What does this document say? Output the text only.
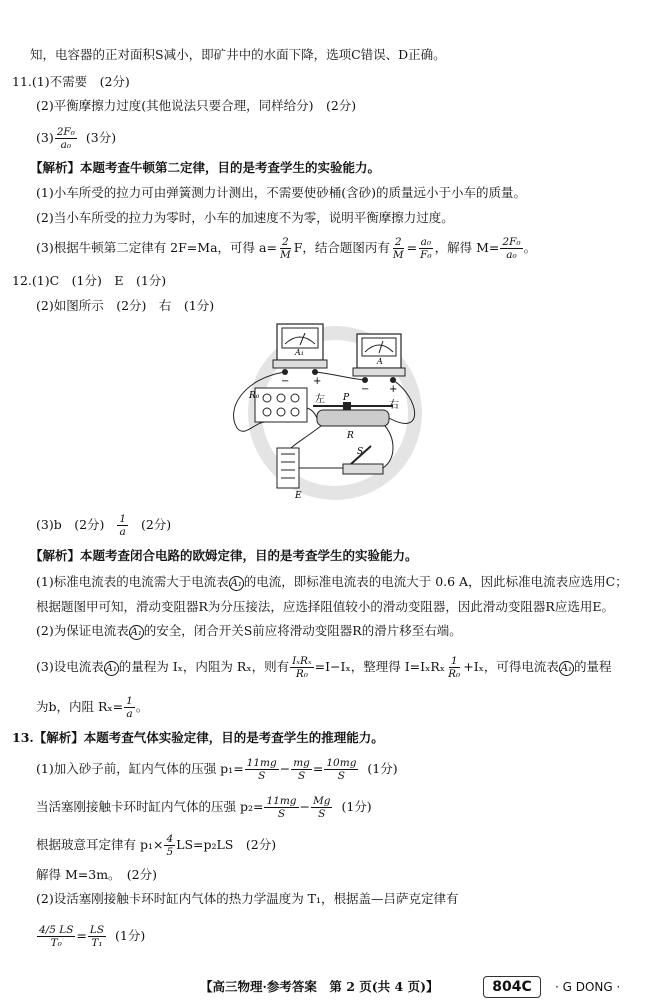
知，电容器的正对面积S减小，即矿井中的水面下降，选项C错误、D正确。
11.(1)不需要　(2分)
(2)平衡摩擦力过度(其他说法只要合理，同样给分)　(2分)
$(3) \frac{\text{2F₀}}{\text{a₀}} (3$分)
【解析】本题考查牛顿第二定律，目的是考查学生的实验能力。
(1)小车所受的拉力可由弹簧测力计测出，不需要使砂桶(含砂)的质量远小于小车的质量。
(2)当小车所受的拉力为零时，小车的加速度不为零，说明平衡摩擦力过度。
(3)根据牛顿第二定律有 2F=Ma，可得 $a= \frac{2}{M}$ F，结合题图丙有 $\frac{2}{M} = \frac{\text{a₀}}{\text{F₀}}$ ，解得 $M= \frac{\text{2F₀}}{\text{a₀}}$ 。
12.(1)C　(1分)　E　(1分)
(2)如图所示　(2分)　右　(1分)
A₁
− +
A
− +
R₀	左
右
P
R
S
E
(3)b　(2分) $\frac{1}{a} (2$分)
【解析】本题考查闭合电路的欧姆定律，目的是考查学生的实验能力。
(1)标准电流表的电流需大于电流表 A₁ 的电流，即标准电流表的电流大于 0.6 A，因此标准电流表应选用C；
根据题图甲可知，滑动变阻器R为分压接法，应选择阻值较小的滑动变阻器，因此滑动变阻器R应选用E。
(2)为保证电流表 A₁ 的安全，闭合开关S前应将滑动变阻器R的滑片移至右端。
(3)设电流表 A₁ 的量程为 Iₓ，内阻为 Rₓ，则有 $\frac{\text{IₓRₓ}}{\text{R₀}} =I-I_x$，整理得 $I=I_xR_x \frac{1}{\text{R₀}} +I_x$，可得电流表 A₁ 的量程
为b，内阻 $R_x= \frac{1}{a}$ 。
13.【解析】本题考查气体实验定律，目的是考查学生的推理能力。
(1)加入砂子前，缸内气体的压强 $p_1= \frac{11mg}{S} - \frac{mg}{S} = \frac{10mg}{S} (1$分)
当活塞刚接触卡环时缸内气体的压强 $p_2= \frac{11mg}{S} - \frac{Mg}{S} (1$分)
根据玻意耳定律有 $p_1\times \frac{4}{5} LS=p_2LS$　(2分)
解得 M=3m。　(2分)
(2)设活塞刚接触卡环时缸内气体的热力学温度为 T₁，根据盖—吕萨克定律有
$\frac{4/5 LS}{\text{T₀}} = \frac{LS}{\text{T₁}} (1$分)
【高三物理·参考答案　第 2 页(共 4 页)】	804C	· G DONG ·
